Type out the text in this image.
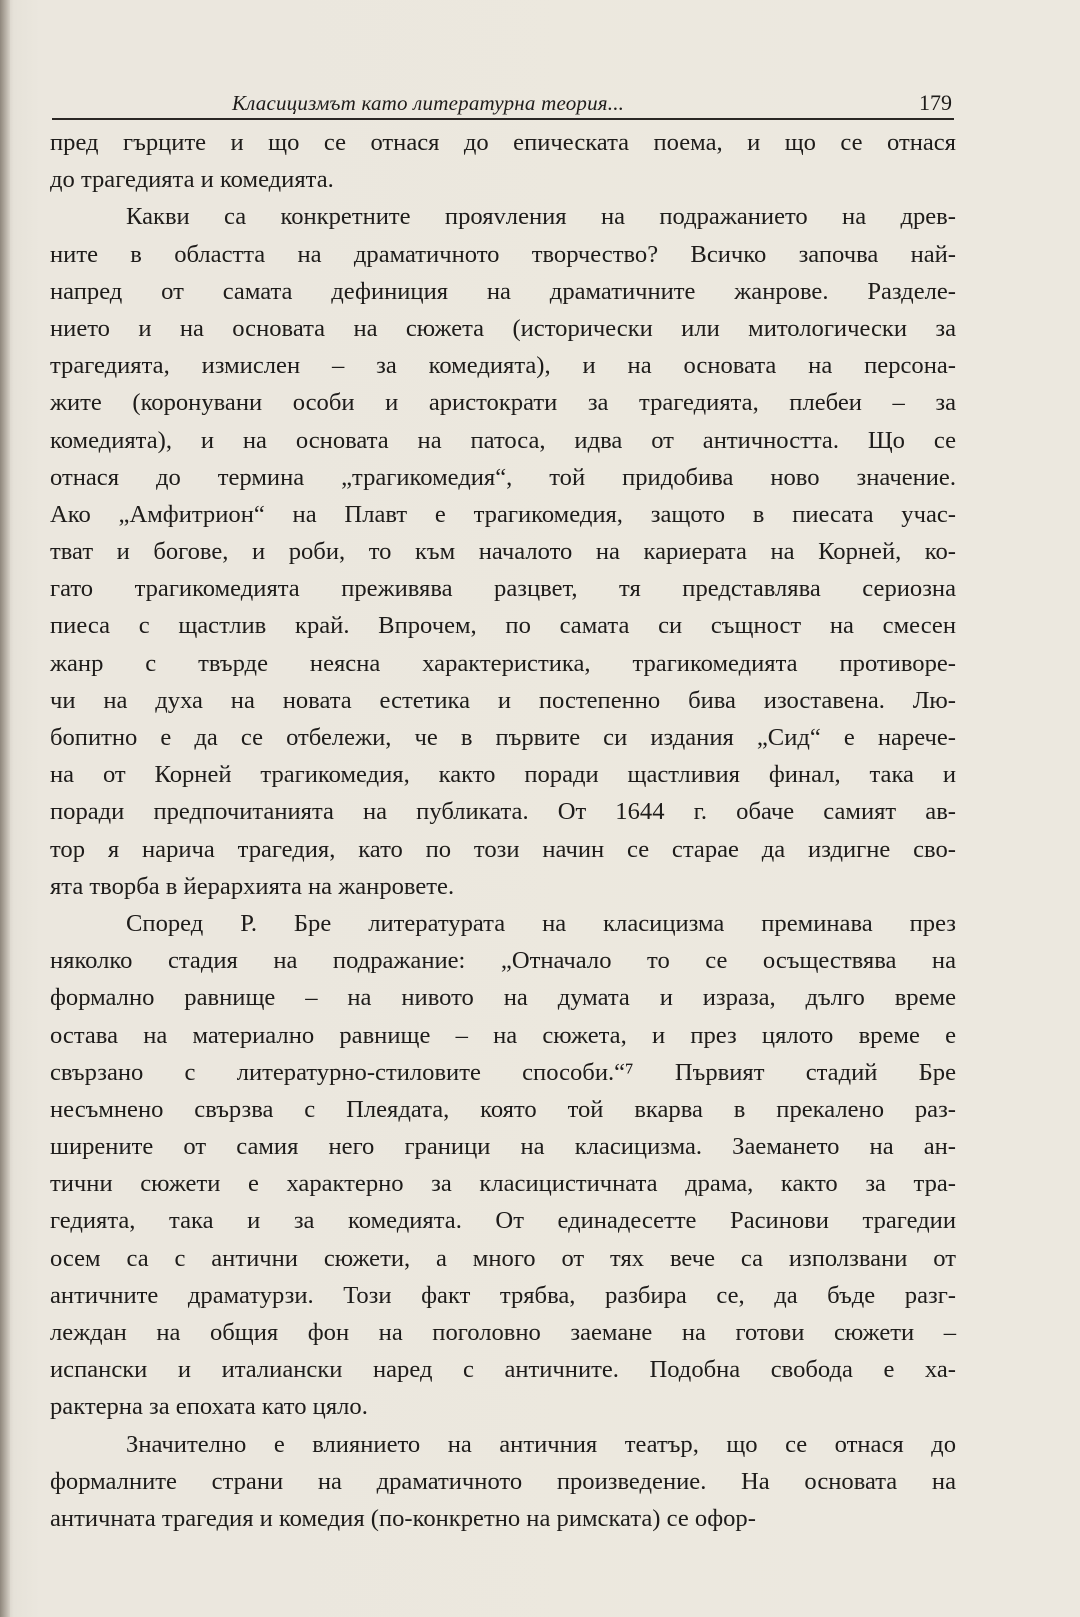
Класицизмът като литературна теория...	179
пред гърците и що се отнася до епическата поема, и що се отнася
до трагедията и комедията.
Какви са конкретните прояvления на подражанието на древ-
ните в областта на драматичното творчество? Всичко започва най-
напред от самата дефиниция на драматичните жанрове. Разделе-
нието и на основата на сюжета (исторически или митологически за
трагедията, измислен – за комедията), и на основата на персона-
жите (коронувани особи и аристократи за трагедията, плебеи – за
комедията), и на основата на патоса, идва от античността. Що се
отнася до термина „трагикомедия“, той придобива ново значение.
Ако „Амфитрион“ на Плавт е трагикомедия, защото в пиесата учас-
тват и богове, и роби, то към началото на кариерата на Корней, ко-
гато трагикомедията преживява разцвет, тя представлява сериозна
пиеса с щастлив край. Впрочем, по самата си същност на смесен
жанр с твърде неясна характеристика, трагикомедията противоре-
чи на духа на новата естетика и постепенно бива изоставена. Лю-
бопитно е да се отбележи, че в първите си издания „Сид“ е нарече-
на от Корней трагикомедия, както поради щастливия финал, така и
поради предпочитанията на публиката. От 1644 г. обаче самият ав-
тор я нарича трагедия, като по този начин се старае да издигне сво-
ята творба в йерархията на жанровете.
Според Р. Бре литературата на класицизма преминава през
няколко стадия на подражание: „Отначало то се осъществява на
формално равнище – на нивото на думата и израза, дълго време
остава на материално равнище – на сюжета, и през цялото време е
свързано с литературно-стиловите способи.“⁷ Първият стадий Бре
несъмнено свързва с Плеядата, която той вкарва в прекалено раз-
ширените от самия него граници на класицизма. Заемането на ан-
тични сюжети е характерно за класицистичната драма, както за тра-
гедията, така и за комедията. От единадесетте Расинови трагедии
осем са с антични сюжети, а много от тях вече са използвани от
античните драматурзи. Този факт трябва, разбира се, да бъде разг-
леждан на общия фон на поголовно заемане на готови сюжети –
испански и италиански наред с античните. Подобна свобода е ха-
рактерна за епохата като цяло.
Значително е влиянието на античния театър, що се отнася до
формалните страни на драматичното произведение. На основата на
античната трагедия и комедия (по-конкретно на римската) се офор-
